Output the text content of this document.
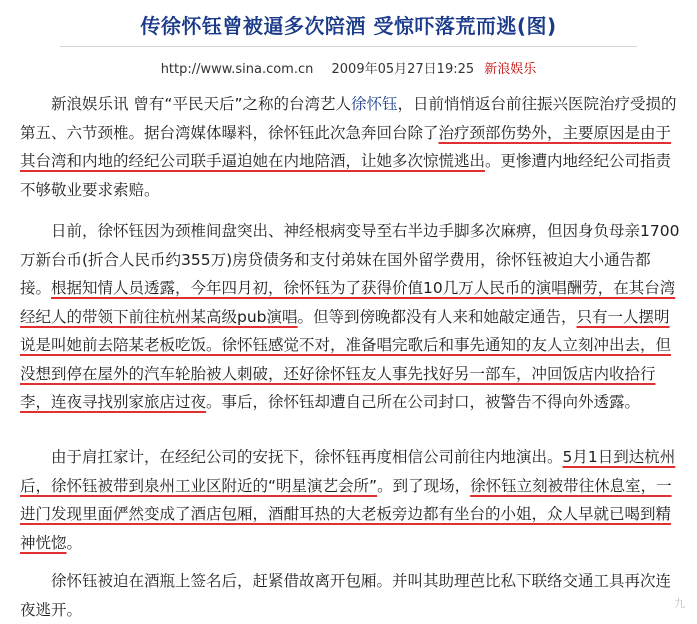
传徐怀钰曾被逼多次陪酒 受惊吓落荒而逃(图)
http://www.sina.com.cn 2009年05月27日19:25 新浪娱乐
新浪娱乐讯 曾有“平民天后”之称的台湾艺人徐怀钰，日前悄悄返台前往振兴医院治疗受损的第五、六节颈椎。据台湾媒体曝料，徐怀钰此次急奔回台除了治疗颈部伤势外，主要原因是由于其台湾和内地的经纪公司联手逼迫她在内地陪酒，让她多次惊慌逃出。更惨遭内地经纪公司指责不够敬业要求索赔。
日前，徐怀钰因为颈椎间盘突出、神经根病变导至右半边手脚多次麻痹，但因身负母亲1700万新台币(折合人民币约355万)房贷债务和支付弟妹在国外留学费用，徐怀钰被迫大小通告都接。根据知情人员透露，今年四月初，徐怀钰为了获得价值10几万人民币的演唱酬劳，在其台湾经纪人的带领下前往杭州某高级pub演唱。但等到傍晚都没有人来和她敲定通告，只有一人摆明说是叫她前去陪某老板吃饭。徐怀钰感觉不对，准备唱完歌后和事先通知的友人立刻冲出去，但没想到停在屋外的汽车轮胎被人刺破，还好徐怀钰友人事先找好另一部车，冲回饭店内收拾行李，连夜寻找别家旅店过夜。事后，徐怀钰却遭自己所在公司封口，被警告不得向外透露。
由于肩扛家计，在经纪公司的安抚下，徐怀钰再度相信公司前往内地演出。5月1日到达杭州后，徐怀钰被带到泉州工业区附近的“明星演艺会所”。到了现场，徐怀钰立刻被带往休息室，一进门发现里面俨然变成了酒店包厢，酒酣耳热的大老板旁边都有坐台的小姐，众人早就已喝到精神恍惚。
徐怀钰被迫在酒瓶上签名后，赶紧借故离开包厢。并叫其助理芭比私下联络交通工具再次连夜逃开。	九
